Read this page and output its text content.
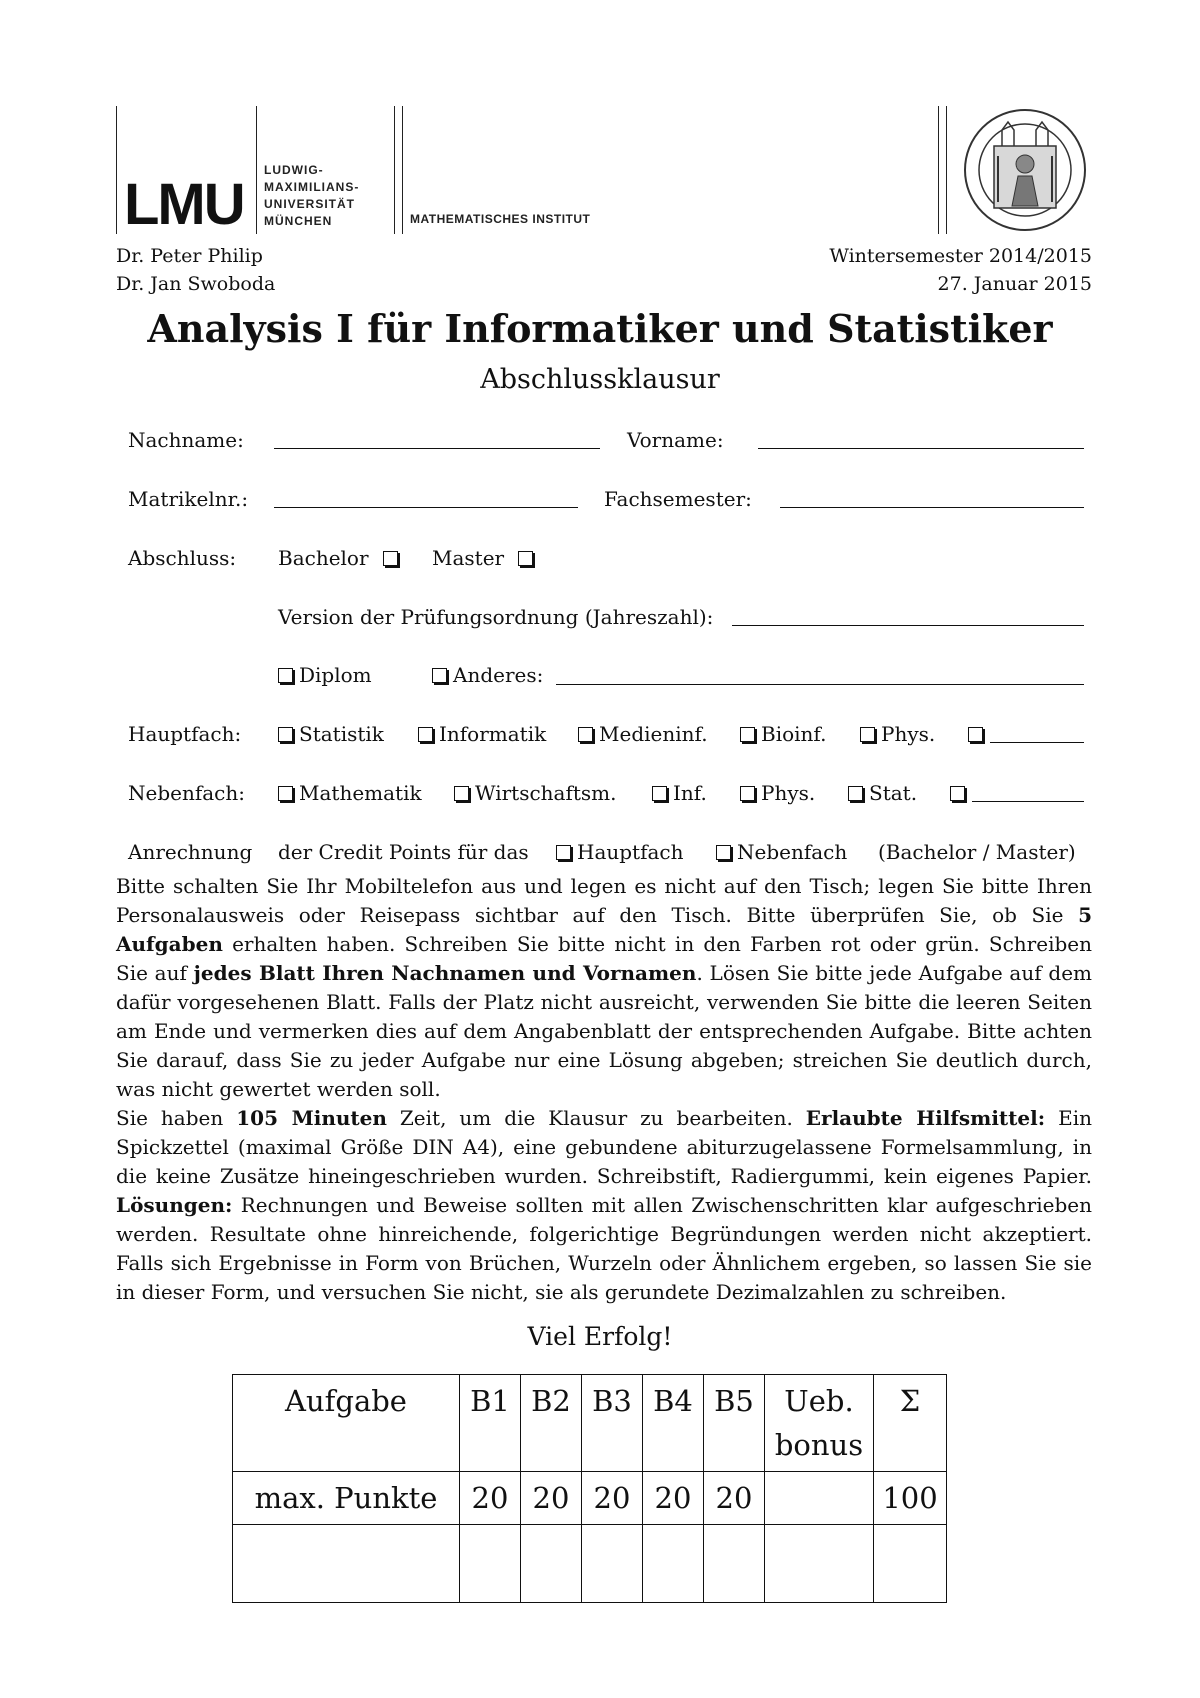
LMU
LUDWIG-
MAXIMILIANS-
UNIVERSITÄT
MÜNCHEN	MATHEMATISCHES INSTITUT
Dr. Peter Philip
Dr. Jan Swoboda
Wintersemester 2014/2015
27. Januar 2015
Analysis I für Informatiker und Statistiker
Abschlussklausur
Nachname:	Vorname:
Matrikelnr.:	Fachsemester:
Abschluss: Bachelor	Master
Version der Prüfungsordnung (Jahreszahl):
Diplom	Anderes:
Hauptfach:	Statistik	Informatik	Medieninf.	Bioinf.	Phys.
Nebenfach:	Mathematik	Wirtschaftsm.	Inf.	Phys.	Stat.
Anrechnung der Credit Points für das	Hauptfach	Nebenfach (Bachelor / Master)

Bitte schalten Sie Ihr Mobiltelefon aus und legen es nicht auf den Tisch; legen Sie bitte Ihren Personalausweis oder Reisepass sichtbar auf den Tisch. Bitte überprüfen Sie, ob Sie 5 Aufgaben erhalten haben. Schreiben Sie bitte nicht in den Farben rot oder grün. Schreiben Sie auf jedes Blatt Ihren Nachnamen und Vornamen. Lösen Sie bitte jede Aufgabe auf dem dafür vorgesehenen Blatt. Falls der Platz nicht ausreicht, verwenden Sie bitte die leeren Seiten am Ende und vermerken dies auf dem Angabenblatt der entsprechenden Aufgabe. Bitte achten Sie darauf, dass Sie zu jeder Aufgabe nur eine Lösung abgeben; streichen Sie deutlich durch, was nicht gewertet werden soll.

Sie haben 105 Minuten Zeit, um die Klausur zu bearbeiten. Erlaubte Hilfsmittel: Ein Spickzettel (maximal Größe DIN A4), eine gebundene abiturzugelassene Formelsammlung, in die keine Zusätze hineingeschrieben wurden. Schreibstift, Radiergummi, kein eigenes Papier. Lösungen: Rechnungen und Beweise sollten mit allen Zwischenschritten klar aufgeschrieben werden. Resultate ohne hinreichende, folgerichtige Begründungen werden nicht akzeptiert. Falls sich Ergebnisse in Form von Brüchen, Wurzeln oder Ähnlichem ergeben, so lassen Sie sie in dieser Form, und versuchen Sie nicht, sie als gerundete Dezimalzahlen zu schreiben.

Viel Erfolg!
Aufgabe	B1	B2	B3	B4	B5	Ueb. bonus	Σ
max. Punkte	20	20	20	20	20		100
